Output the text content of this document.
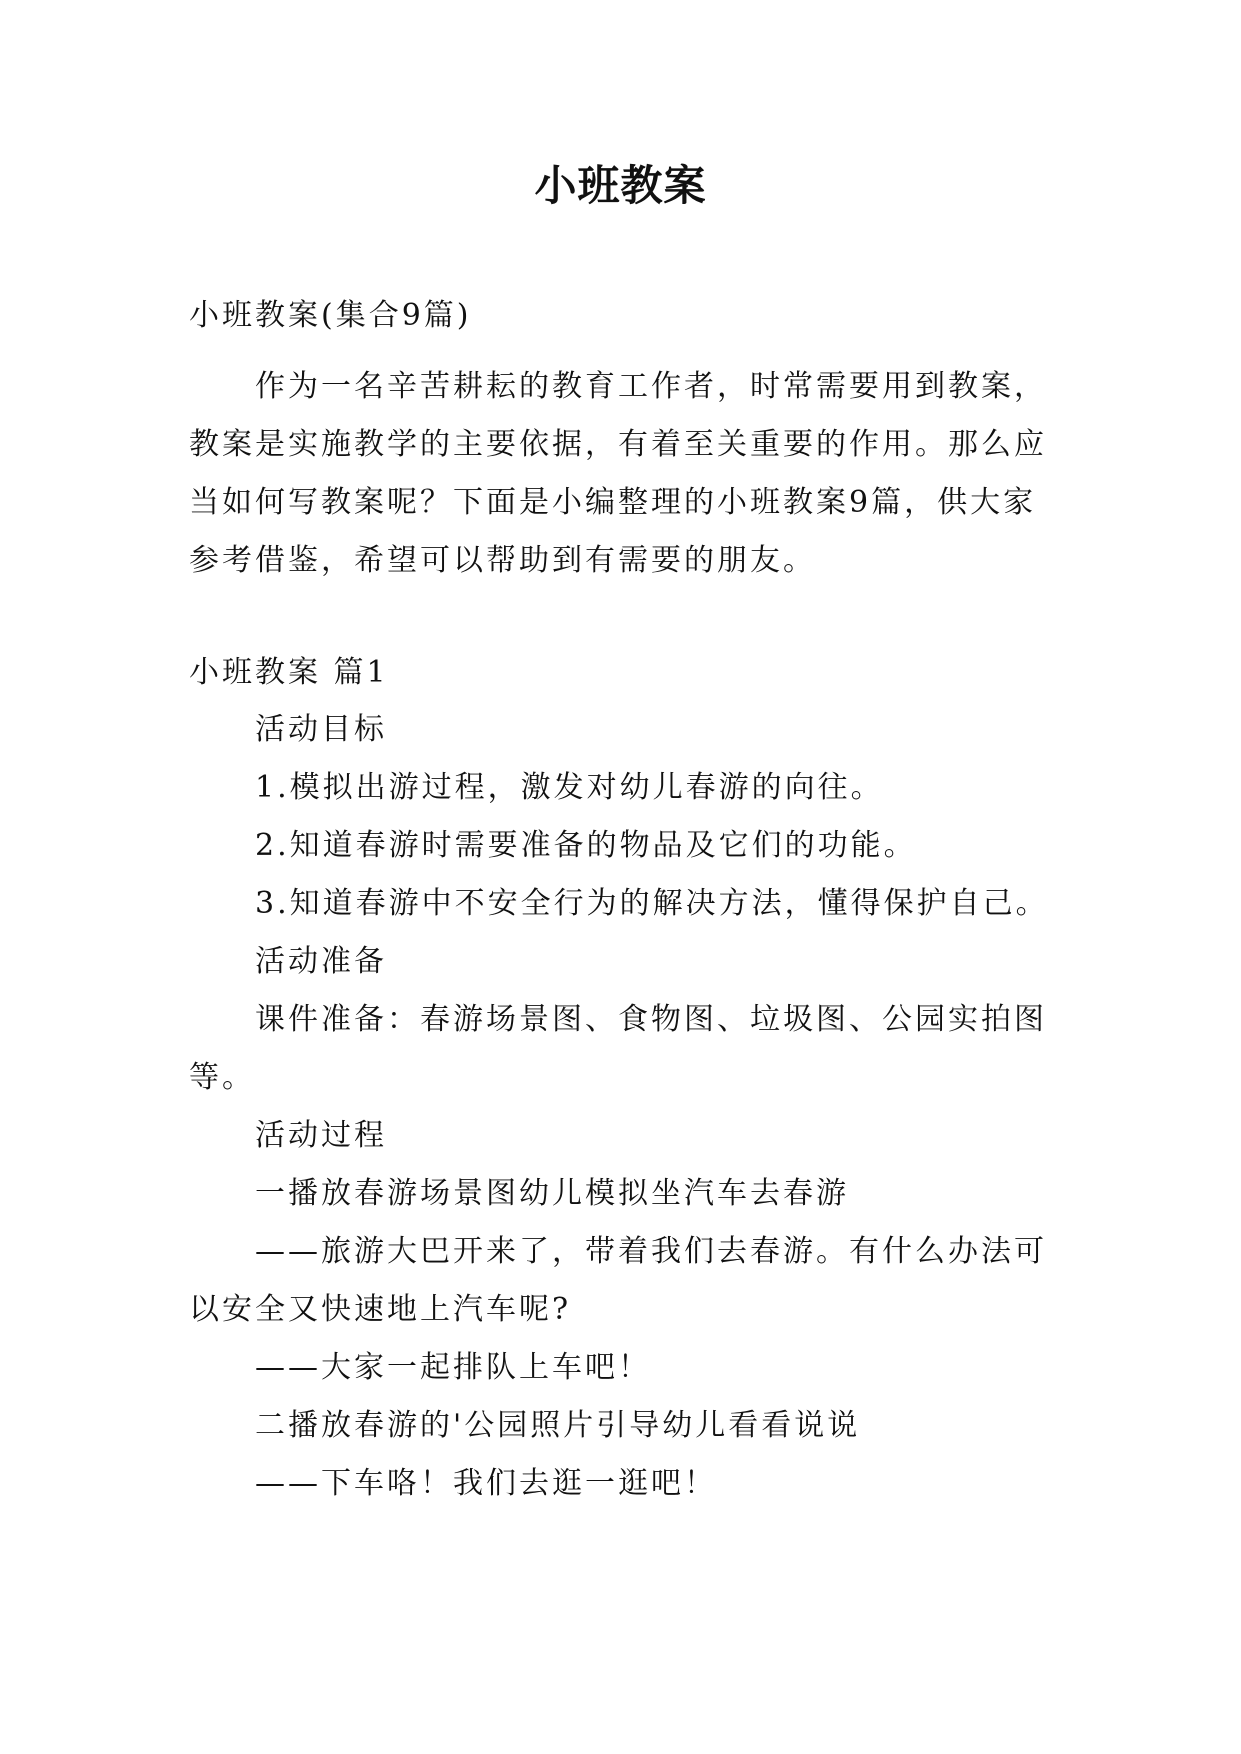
小班教案
小班教案(集合9篇)
作为一名辛苦耕耘的教育工作者，时常需要用到教案，
教案是实施教学的主要依据，有着至关重要的作用。那么应
当如何写教案呢？下面是小编整理的小班教案9篇，供大家
参考借鉴，希望可以帮助到有需要的朋友。
小班教案 篇1
活动目标
1.模拟出游过程，激发对幼儿春游的向往。
2.知道春游时需要准备的物品及它们的功能。
3.知道春游中不安全行为的解决方法，懂得保护自己。
活动准备
课件准备：春游场景图、食物图、垃圾图、公园实拍图
等。
活动过程
一播放春游场景图幼儿模拟坐汽车去春游
——旅游大巴开来了，带着我们去春游。有什么办法可
以安全又快速地上汽车呢?
——大家一起排队上车吧！
二播放春游的'公园照片引导幼儿看看说说
——下车咯！我们去逛一逛吧！
